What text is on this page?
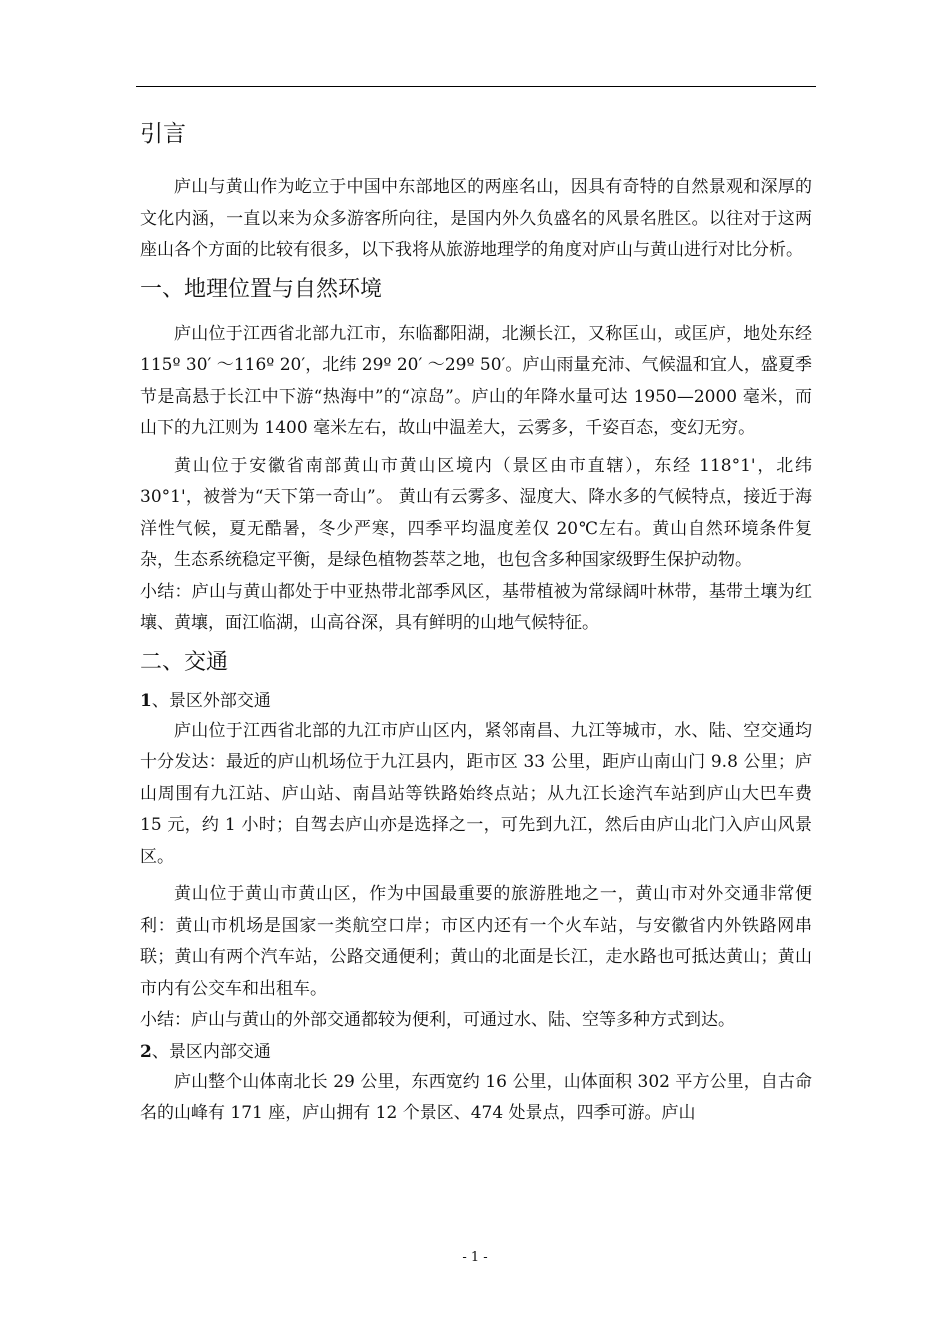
引言

庐山与黄山作为屹立于中国中东部地区的两座名山，因具有奇特的自然景观和深厚的文化内涵，一直以来为众多游客所向往，是国内外久负盛名的风景名胜区。以往对于这两座山各个方面的比较有很多，以下我将从旅游地理学的角度对庐山与黄山进行对比分析。

一、地理位置与自然环境

庐山位于江西省北部九江市，东临鄱阳湖，北濒长江，又称匡山，或匡庐，地处东经 115º 30′ ～116º 20′，北纬 29º 20′ ～29º 50′。庐山雨量充沛、气候温和宜人，盛夏季节是高悬于长江中下游“热海中”的“凉岛”。庐山的年降水量可达 1950—2000 毫米，而山下的九江则为 1400 毫米左右，故山中温差大，云雾多，千姿百态，变幻无穷。

黄山位于安徽省南部黄山市黄山区境内（景区由市直辖），东经 118°1'，北纬 30°1'，被誉为“天下第一奇山”。 黄山有云雾多、湿度大、降水多的气候特点，接近于海洋性气候，夏无酷暑，冬少严寒，四季平均温度差仅 20℃左右。黄山自然环境条件复杂，生态系统稳定平衡，是绿色植物荟萃之地，也包含多种国家级野生保护动物。

小结：庐山与黄山都处于中亚热带北部季风区，基带植被为常绿阔叶林带，基带土壤为红壤、黄壤，面江临湖，山高谷深，具有鲜明的山地气候特征。

二、交通
1、景区外部交通

庐山位于江西省北部的九江市庐山区内，紧邻南昌、九江等城市，水、陆、空交通均十分发达：最近的庐山机场位于九江县内，距市区 33 公里，距庐山南山门 9.8 公里；庐山周围有九江站、庐山站、南昌站等铁路始终点站；从九江长途汽车站到庐山大巴车费 15 元，约 1 小时；自驾去庐山亦是选择之一，可先到九江，然后由庐山北门入庐山风景区。

黄山位于黄山市黄山区，作为中国最重要的旅游胜地之一，黄山市对外交通非常便利：黄山市机场是国家一类航空口岸；市区内还有一个火车站，与安徽省内外铁路网串联；黄山有两个汽车站，公路交通便利；黄山的北面是长江，走水路也可抵达黄山；黄山市内有公交车和出租车。

小结：庐山与黄山的外部交通都较为便利，可通过水、陆、空等多种方式到达。

2、景区内部交通

庐山整个山体南北长 29 公里，东西宽约 16 公里，山体面积 302 平方公里，自古命名的山峰有 171 座，庐山拥有 12 个景区、474 处景点，四季可游。庐山

- 1 -
